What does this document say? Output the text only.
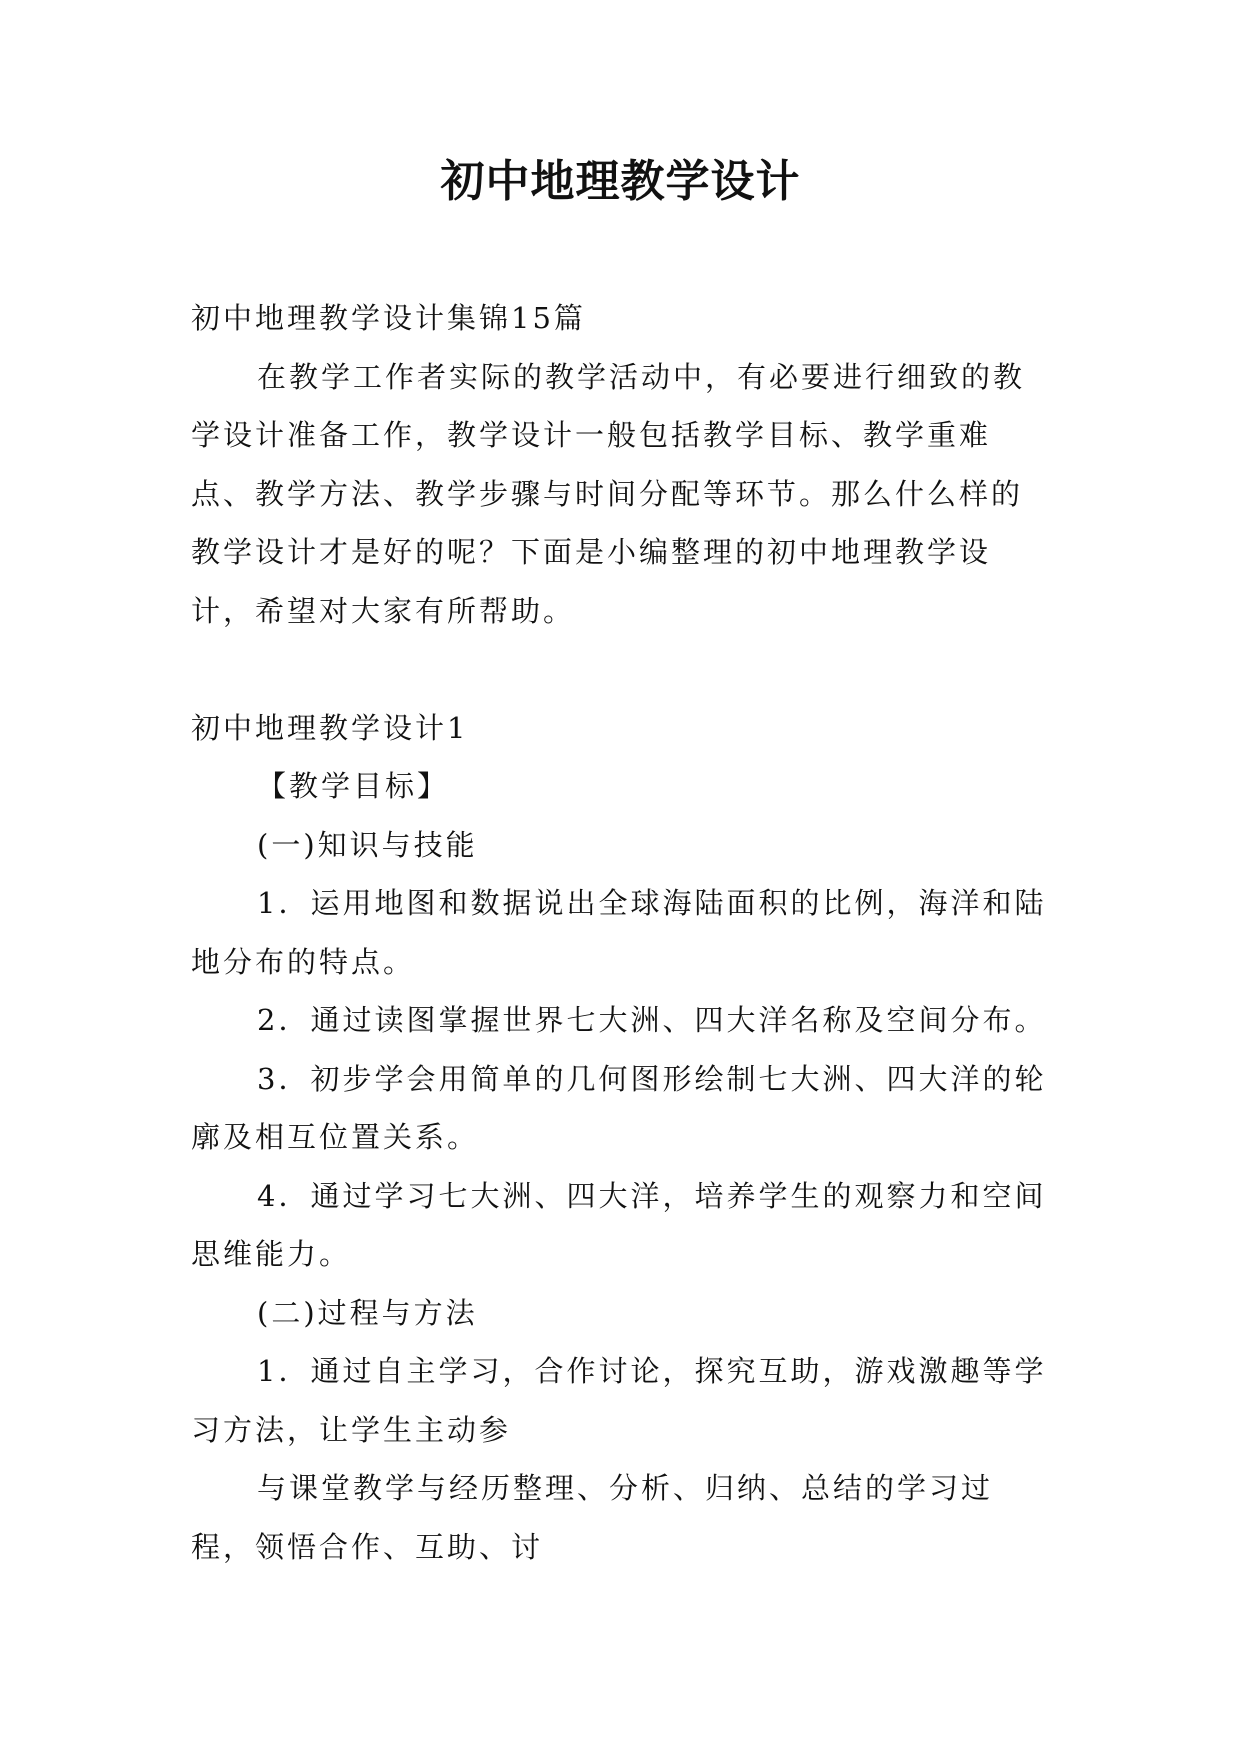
初中地理教学设计

初中地理教学设计集锦15篇

在教学工作者实际的教学活动中，有必要进行细致的教学设计准备工作，教学设计一般包括教学目标、教学重难点、教学方法、教学步骤与时间分配等环节。那么什么样的教学设计才是好的呢？下面是小编整理的初中地理教学设计，希望对大家有所帮助。

初中地理教学设计1

【教学目标】

(一)知识与技能

1．运用地图和数据说出全球海陆面积的比例，海洋和陆地分布的特点。

2．通过读图掌握世界七大洲、四大洋名称及空间分布。

3．初步学会用简单的几何图形绘制七大洲、四大洋的轮廓及相互位置关系。

4．通过学习七大洲、四大洋，培养学生的观察力和空间思维能力。

(二)过程与方法

1．通过自主学习，合作讨论，探究互助，游戏激趣等学习方法，让学生主动参

与课堂教学与经历整理、分析、归纳、总结的学习过程，领悟合作、互助、讨
